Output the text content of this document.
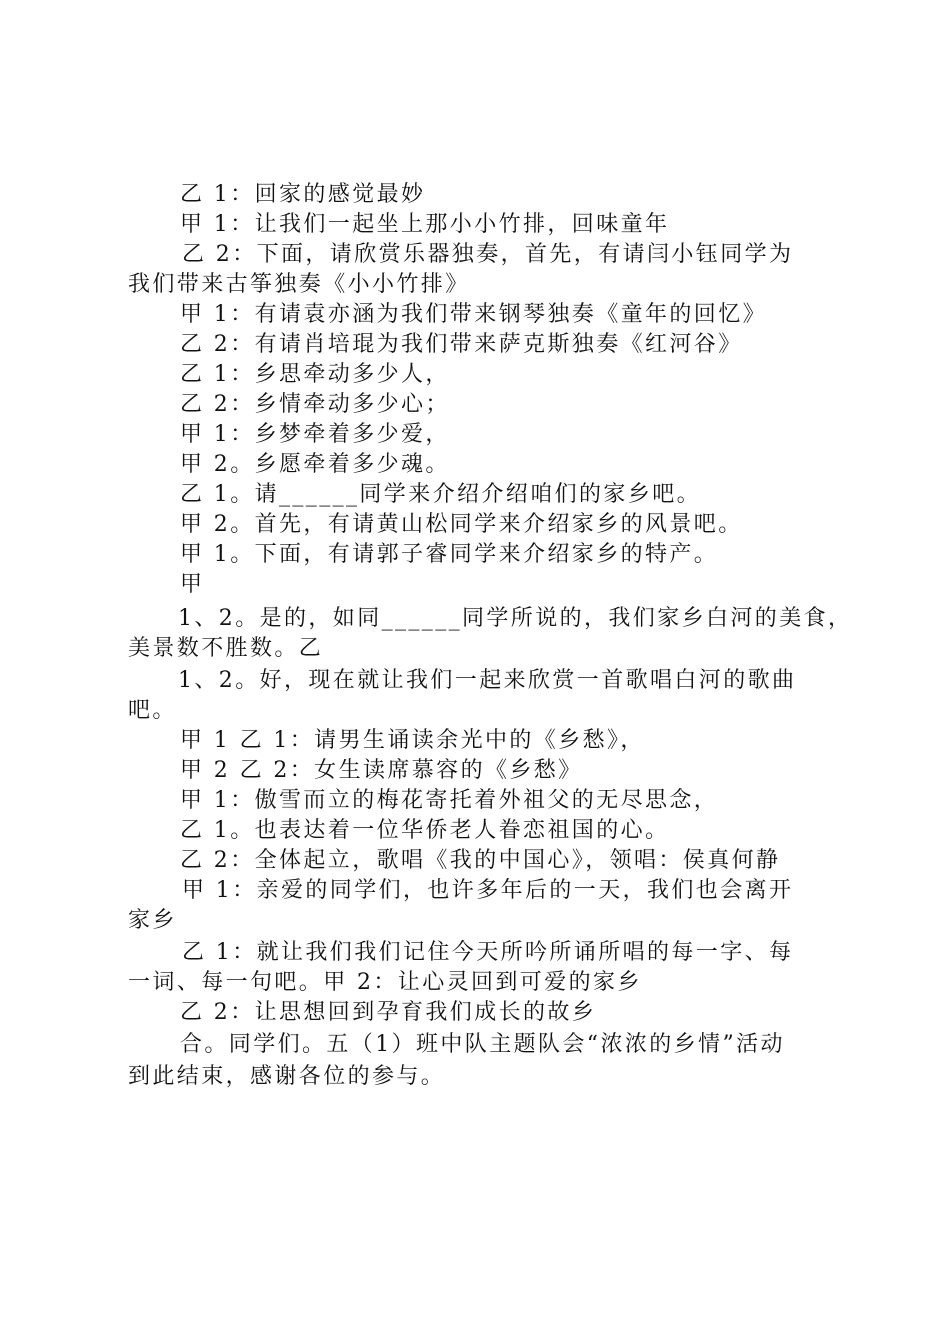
乙 1：回家的感觉最妙
甲 1：让我们一起坐上那小小竹排，回味童年
乙 2：下面，请欣赏乐器独奏，首先，有请闫小钰同学为
我们带来古筝独奏《小小竹排》
甲 1：有请袁亦涵为我们带来钢琴独奏《童年的回忆》
乙 2：有请肖培琨为我们带来萨克斯独奏《红河谷》
乙 1：乡思牵动多少人，
乙 2：乡情牵动多少心；
甲 1：乡梦牵着多少爱，
甲 2。乡愿牵着多少魂。
乙 1。请______同学来介绍介绍咱们的家乡吧。
甲 2。首先，有请黄山松同学来介绍家乡的风景吧。
甲 1。下面，有请郭子睿同学来介绍家乡的特产。
甲
1、2。是的，如同______同学所说的，我们家乡白河的美食，
美景数不胜数。乙
1、2。好，现在就让我们一起来欣赏一首歌唱白河的歌曲
吧。
甲 1 乙 1：请男生诵读余光中的《乡愁》，
甲 2 乙 2：女生读席慕容的《乡愁》
甲 1：傲雪而立的梅花寄托着外祖父的无尽思念，
乙 1。也表达着一位华侨老人眷恋祖国的心。
乙 2：全体起立，歌唱《我的中国心》，领唱：侯真何静
甲 1：亲爱的同学们，也许多年后的一天，我们也会离开
家乡
乙 1：就让我们我们记住今天所吟所诵所唱的每一字、每
一词、每一句吧。甲 2：让心灵回到可爱的家乡
乙 2：让思想回到孕育我们成长的故乡
合。同学们。五（1）班中队主题队会“浓浓的乡情”活动
到此结束，感谢各位的参与。
